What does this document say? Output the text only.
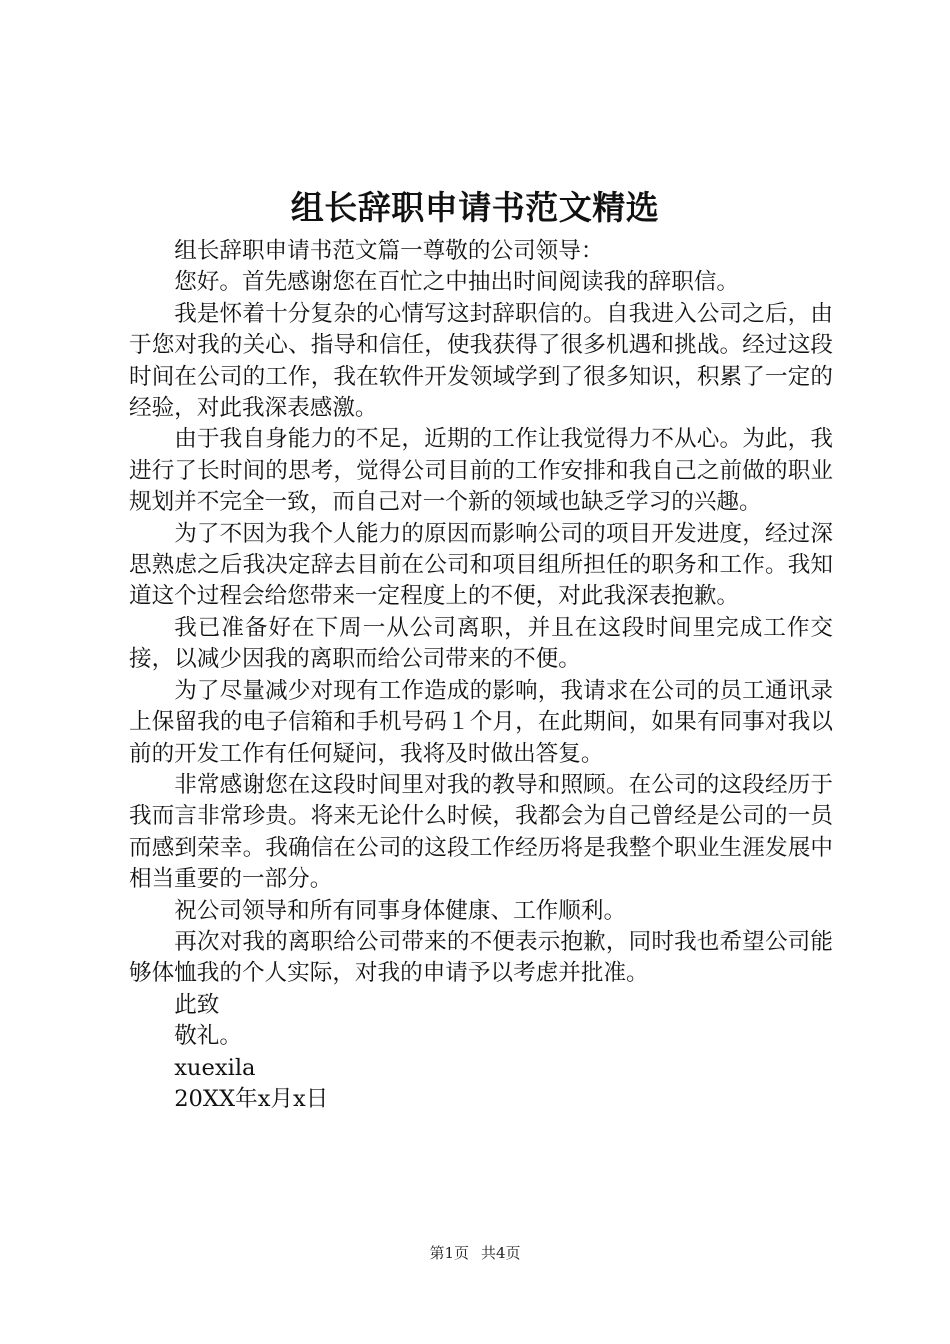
组长辞职申请书范文精选

组长辞职申请书范文篇一尊敬的公司领导：

您好。首先感谢您在百忙之中抽出时间阅读我的辞职信。

我是怀着十分复杂的心情写这封辞职信的。自我进入公司之后，由于您对我的关心、指导和信任，使我获得了很多机遇和挑战。经过这段时间在公司的工作，我在软件开发领域学到了很多知识，积累了一定的经验，对此我深表感激。

由于我自身能力的不足，近期的工作让我觉得力不从心。为此，我进行了长时间的思考，觉得公司目前的工作安排和我自己之前做的职业规划并不完全一致，而自己对一个新的领域也缺乏学习的兴趣。

为了不因为我个人能力的原因而影响公司的项目开发进度，经过深思熟虑之后我决定辞去目前在公司和项目组所担任的职务和工作。我知道这个过程会给您带来一定程度上的不便，对此我深表抱歉。

我已准备好在下周一从公司离职，并且在这段时间里完成工作交接，以减少因我的离职而给公司带来的不便。

为了尽量减少对现有工作造成的影响，我请求在公司的员工通讯录上保留我的电子信箱和手机号码１个月，在此期间，如果有同事对我以前的开发工作有任何疑问，我将及时做出答复。

非常感谢您在这段时间里对我的教导和照顾。在公司的这段经历于我而言非常珍贵。将来无论什么时候，我都会为自己曾经是公司的一员而感到荣幸。我确信在公司的这段工作经历将是我整个职业生涯发展中相当重要的一部分。

祝公司领导和所有同事身体健康、工作顺利。

再次对我的离职给公司带来的不便表示抱歉，同时我也希望公司能够体恤我的个人实际，对我的申请予以考虑并批准。

此致

敬礼。

xuexila

20XX年x月x日

第1页 共4页
